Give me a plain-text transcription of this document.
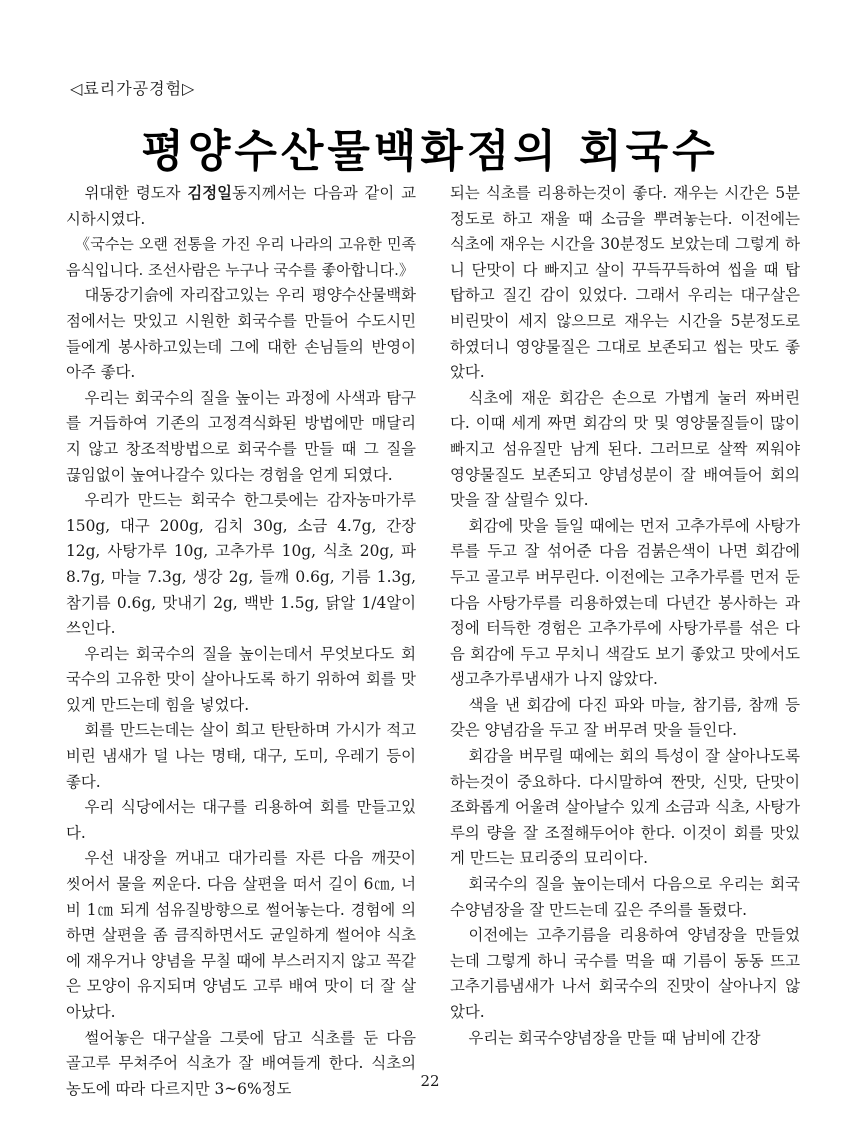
◁료리가공경험▷
평양수산물백화점의 회국수

위대한 령도자 김정일동지께서는 다음과 같이 교시하시였다.

《국수는 오랜 전통을 가진 우리 나라의 고유한 민족음식입니다. 조선사람은 누구나 국수를 좋아합니다.》

대동강기슭에 자리잡고있는 우리 평양수산물백화점에서는 맛있고 시원한 회국수를 만들어 수도시민들에게 봉사하고있는데 그에 대한 손님들의 반영이 아주 좋다.

우리는 회국수의 질을 높이는 과정에 사색과 탐구를 거듭하여 기존의 고정격식화된 방법에만 매달리지 않고 창조적방법으로 회국수를 만들 때 그 질을 끊임없이 높여나갈수 있다는 경험을 얻게 되였다.

우리가 만드는 회국수 한그릇에는 감자농마가루 150g, 대구 200g, 김치 30g, 소금 4.7g, 간장 12g, 사탕가루 10g, 고추가루 10g, 식초 20g, 파 8.7g, 마늘 7.3g, 생강 2g, 들깨 0.6g, 기름 1.3g, 참기름 0.6g, 맛내기 2g, 백반 1.5g, 닭알 1/4알이 쓰인다.

우리는 회국수의 질을 높이는데서 무엇보다도 회국수의 고유한 맛이 살아나도록 하기 위하여 회를 맛있게 만드는데 힘을 넣었다.

회를 만드는데는 살이 희고 탄탄하며 가시가 적고 비린 냄새가 덜 나는 명태, 대구, 도미, 우레기 등이 좋다.

우리 식당에서는 대구를 리용하여 회를 만들고있다.

우선 내장을 꺼내고 대가리를 자른 다음 깨끗이 씻어서 물을 찌운다. 다음 살편을 떠서 길이 6㎝, 너비 1㎝ 되게 섬유질방향으로 썰어놓는다. 경험에 의하면 살편을 좀 큼직하면서도 균일하게 썰어야 식초에 재우거나 양념을 무칠 때에 부스러지지 않고 꼭같은 모양이 유지되며 양념도 고루 배여 맛이 더 잘 살아났다.

썰어놓은 대구살을 그릇에 담고 식초를 둔 다음 골고루 무쳐주어 식초가 잘 배여들게 한다. 식초의 농도에 따라 다르지만 3~6%정도

되는 식초를 리용하는것이 좋다. 재우는 시간은 5분정도로 하고 재울 때 소금을 뿌려놓는다. 이전에는 식초에 재우는 시간을 30분정도 보았는데 그렇게 하니 단맛이 다 빠지고 살이 꾸득꾸득하여 씹을 때 탑탑하고 질긴 감이 있었다. 그래서 우리는 대구살은 비린맛이 세지 않으므로 재우는 시간을 5분정도로 하였더니 영양물질은 그대로 보존되고 씹는 맛도 좋았다.

식초에 재운 회감은 손으로 가볍게 눌러 짜버린다. 이때 세게 짜면 회감의 맛 및 영양물질들이 많이 빠지고 섬유질만 남게 된다. 그러므로 살짝 찌워야 영양물질도 보존되고 양념성분이 잘 배여들어 회의 맛을 잘 살릴수 있다.

회감에 맛을 들일 때에는 먼저 고추가루에 사탕가루를 두고 잘 섞어준 다음 검붉은색이 나면 회감에 두고 골고루 버무린다. 이전에는 고추가루를 먼저 둔 다음 사탕가루를 리용하였는데 다년간 봉사하는 과정에 터득한 경험은 고추가루에 사탕가루를 섞은 다음 회감에 두고 무치니 색갈도 보기 좋았고 맛에서도 생고추가루냄새가 나지 않았다.

색을 낸 회감에 다진 파와 마늘, 참기름, 참깨 등 갖은 양념감을 두고 잘 버무려 맛을 들인다.

회감을 버무릴 때에는 회의 특성이 잘 살아나도록 하는것이 중요하다. 다시말하여 짠맛, 신맛, 단맛이 조화롭게 어울려 살아날수 있게 소금과 식초, 사탕가루의 량을 잘 조절해두어야 한다. 이것이 회를 맛있게 만드는 묘리중의 묘리이다.

회국수의 질을 높이는데서 다음으로 우리는 회국수양념장을 잘 만드는데 깊은 주의를 돌렸다.

이전에는 고추기름을 리용하여 양념장을 만들었는데 그렇게 하니 국수를 먹을 때 기름이 동동 뜨고 고추기름냄새가 나서 회국수의 진맛이 살아나지 않았다.

우리는 회국수양념장을 만들 때 남비에 간장

22
